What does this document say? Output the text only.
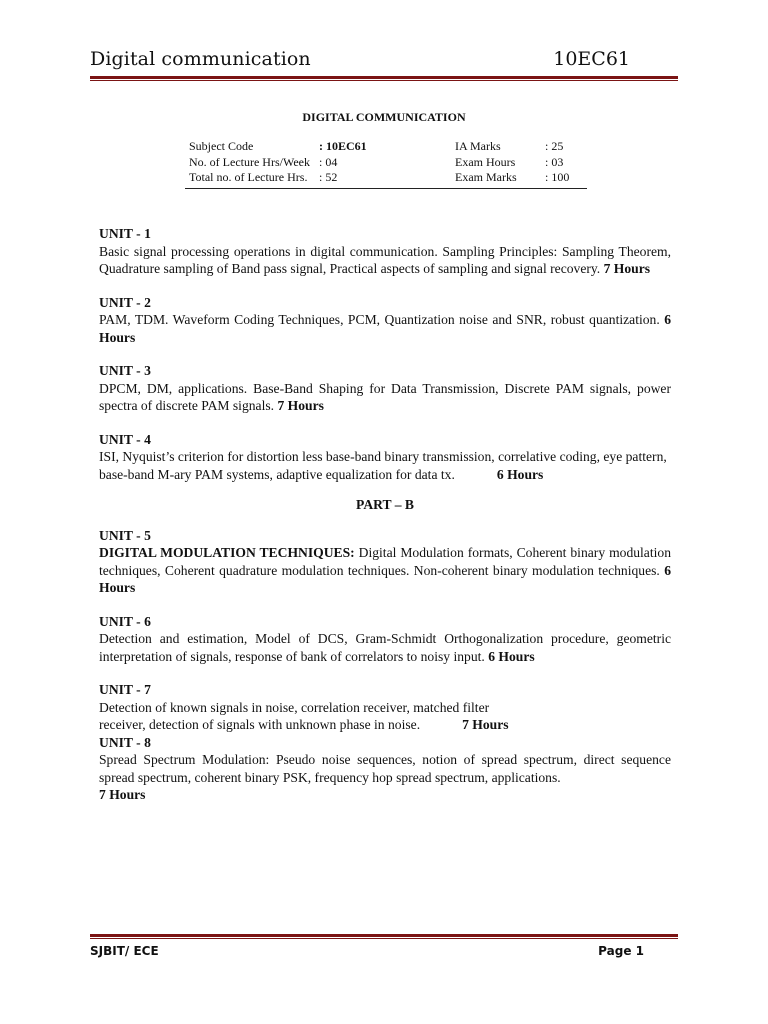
Digital communication	10EC61
DIGITAL COMMUNICATION
Subject Code	: 10EC61	IA Marks	: 25
No. of Lecture Hrs/Week : 04	Exam Hours : 03
Total no. of Lecture Hrs. : 52	Exam Marks : 100
UNIT - 1

Basic signal processing operations in digital communication. Sampling Principles: Sampling Theorem, Quadrature sampling of Band pass signal, Practical aspects of sampling and signal recovery. 7 Hours

UNIT - 2

PAM, TDM. Waveform Coding Techniques, PCM, Quantization noise and SNR, robust quantization. 6 Hours

UNIT - 3

DPCM, DM, applications. Base-Band Shaping for Data Transmission, Discrete PAM signals, power spectra of discrete PAM signals. 7 Hours

UNIT - 4

ISI, Nyquist’s criterion for distortion less base-band binary transmission, correlative coding, eye pattern, base-band M-ary PAM systems, adaptive equalization for data tx.	6 Hours

PART – B
UNIT - 5

DIGITAL MODULATION TECHNIQUES: Digital Modulation formats, Coherent binary modulation techniques, Coherent quadrature modulation techniques. Non-coherent binary modulation techniques. 6 Hours

UNIT - 6

Detection and estimation, Model of DCS, Gram-Schmidt Orthogonalization procedure, geometric interpretation of signals, response of bank of correlators to noisy input. 6 Hours

UNIT - 7

Detection of known signals in noise, correlation receiver, matched filter
receiver, detection of signals with unknown phase in noise.	7 Hours

UNIT - 8

Spread Spectrum Modulation: Pseudo noise sequences, notion of spread spectrum, direct sequence spread spectrum, coherent binary PSK, frequency hop spread spectrum, applications.
7 Hours

SJBIT/ ECE	Page 1
